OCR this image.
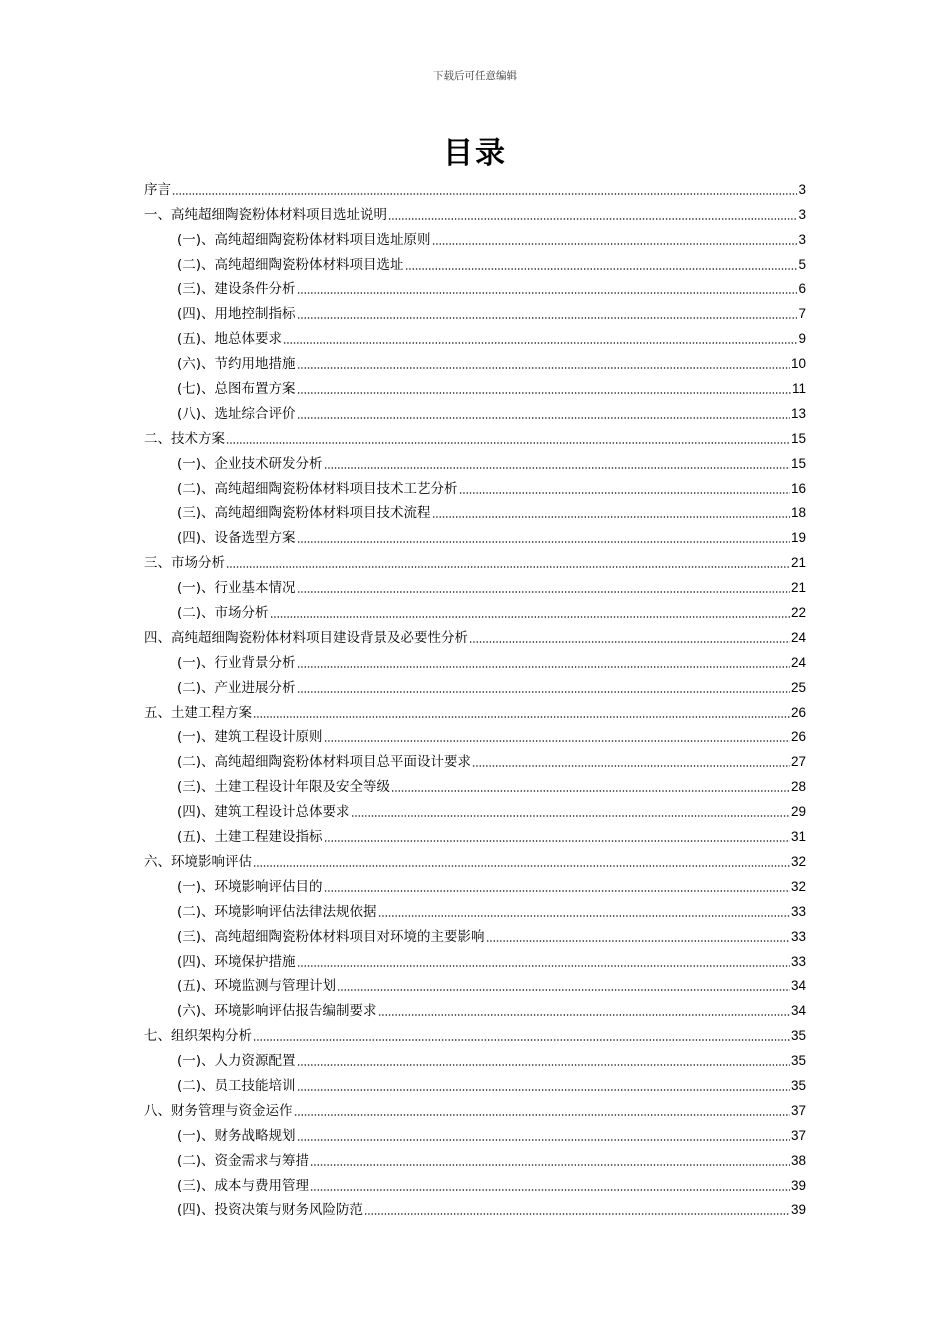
下载后可任意编辑
目录
序言	3
一、高纯超细陶瓷粉体材料项目选址说明	3
(一)、高纯超细陶瓷粉体材料项目选址原则	3
(二)、高纯超细陶瓷粉体材料项目选址	5
(三)、建设条件分析	6
(四)、用地控制指标	7
(五)、地总体要求	9
(六)、节约用地措施	10
(七)、总图布置方案	11
(八)、选址综合评价	13
二、技术方案	15
(一)、企业技术研发分析	15
(二)、高纯超细陶瓷粉体材料项目技术工艺分析	16
(三)、高纯超细陶瓷粉体材料项目技术流程	18
(四)、设备选型方案	19
三、市场分析	21
(一)、行业基本情况	21
(二)、市场分析	22
四、高纯超细陶瓷粉体材料项目建设背景及必要性分析	24
(一)、行业背景分析	24
(二)、产业进展分析	25
五、土建工程方案	26
(一)、建筑工程设计原则	26
(二)、高纯超细陶瓷粉体材料项目总平面设计要求	27
(三)、土建工程设计年限及安全等级	28
(四)、建筑工程设计总体要求	29
(五)、土建工程建设指标	31
六、环境影响评估	32
(一)、环境影响评估目的	32
(二)、环境影响评估法律法规依据	33
(三)、高纯超细陶瓷粉体材料项目对环境的主要影响	33
(四)、环境保护措施	33
(五)、环境监测与管理计划	34
(六)、环境影响评估报告编制要求	34
七、组织架构分析	35
(一)、人力资源配置	35
(二)、员工技能培训	35
八、财务管理与资金运作	37
(一)、财务战略规划	37
(二)、资金需求与筹措	38
(三)、成本与费用管理	39
(四)、投资决策与财务风险防范	39
